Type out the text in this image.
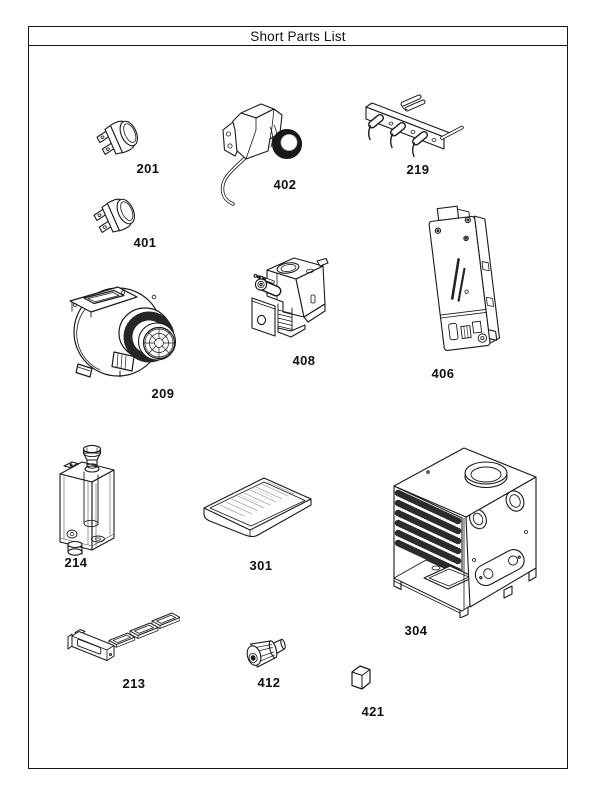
Short Parts List
201
402
219
401
408
406
209
214	301
304
213	412
421
